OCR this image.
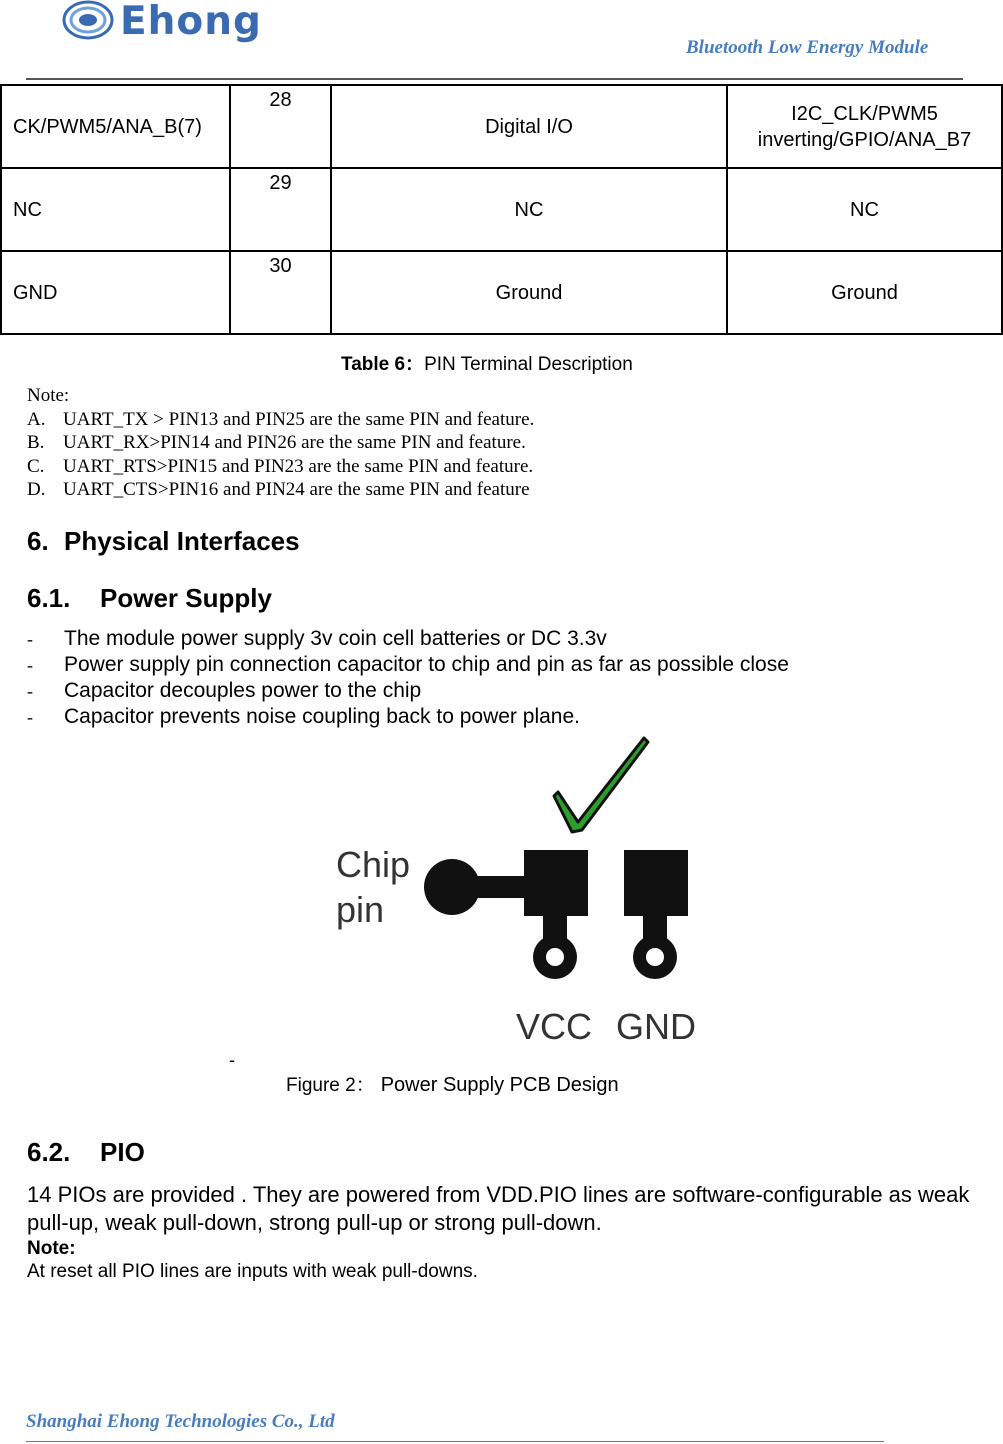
Ehong
Bluetooth Low Energy Module
CK/PWM5/ANA_B(7)	28	Digital I/O	I2C_CLK/PWM5 inverting/GPIO/ANA_B7

NC	29	NC	NC
GND	30	Ground	Ground
Table 6：PIN Terminal Description
Note:
A. UART_TX > PIN13 and PIN25 are the same PIN and feature.
B. UART_RX>PIN14 and PIN26 are the same PIN and feature.
C. UART_RTS>PIN15 and PIN23 are the same PIN and feature.
D. UART_CTS>PIN16 and PIN24 are the same PIN and feature
6. Physical Interfaces
6.1. Power Supply
-	The module power supply 3v coin cell batteries or DC 3.3v
-	Power supply pin connection capacitor to chip and pin as far as possible close
-	Capacitor decouples power to the chip
-	Capacitor prevents noise coupling back to power plane.
Chip
pin
VCC GND
-
Figure 2： Power Supply PCB Design
6.2. PIO
14 PIOs are provided . They are powered from VDD.PIO lines are software-configurable as weak pull-up, weak pull-down, strong pull-up or strong pull-down.
Note:
At reset all PIO lines are inputs with weak pull-downs.
Shanghai Ehong Technologies Co., Ltd
